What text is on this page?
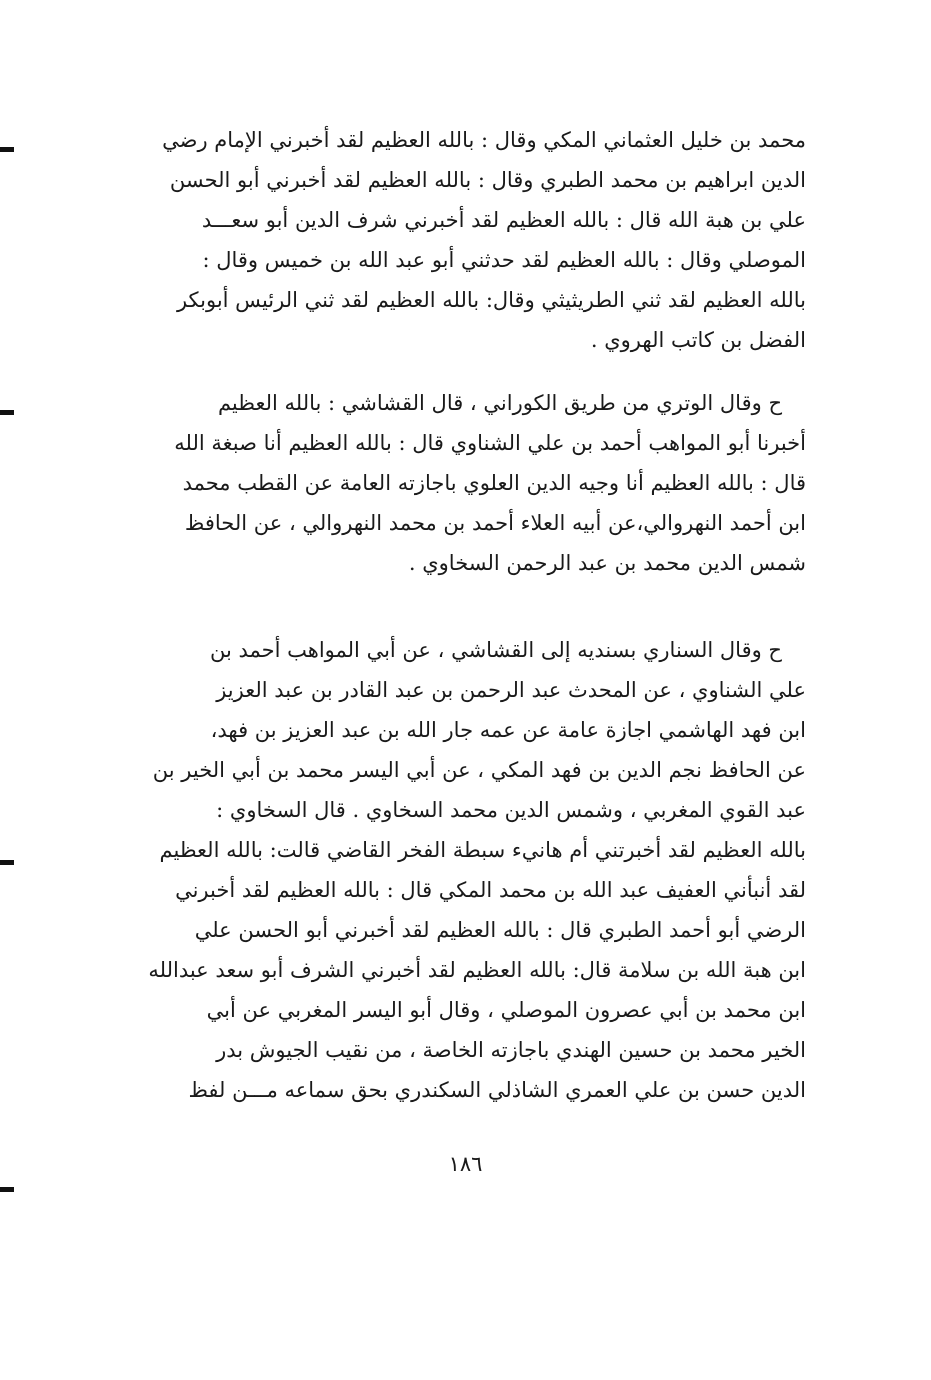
محمد بن خليل العثماني المكي وقال : بالله العظيم لقد أخبرني الإمام رضي
الدين ابراهيم بن محمد الطبري وقال : بالله العظيم لقد أخبرني أبو الحسن
علي بن هبة الله قال : بالله العظيم لقد أخبرني شرف الدين أبو سعـــد
الموصلي وقال : بالله العظيم لقد حدثني أبو عبد الله بن خميس وقال :
بالله العظيم لقد ثني الطريثيثي وقال: بالله العظيم لقد ثني الرئيس أبوبكر
الفضل بن كاتب الهروي .
ح وقال الوتري من طريق الكوراني ، قال القشاشي : بالله العظيم
أخبرنا أبو المواهب أحمد بن علي الشناوي قال : بالله العظيم أنا صبغة الله
قال : بالله العظيم أنا وجيه الدين العلوي باجازته العامة عن القطب محمد
ابن أحمد النهروالي،عن أبيه العلاء أحمد بن محمد النهروالي ، عن الحافظ
شمس الدين محمد بن عبد الرحمن السخاوي .
ح وقال السناري بسنديه إلى القشاشي ، عن أبي المواهب أحمد بن
علي الشناوي ، عن المحدث عبد الرحمن بن عبد القادر بن عبد العزيز
ابن فهد الهاشمي اجازة عامة عن عمه جار الله بن عبد العزيز بن فهد،
عن الحافظ نجم الدين بن فهد المكي ، عن أبي اليسر محمد بن أبي الخير بن
عبد القوي المغربي ، وشمس الدين محمد السخاوي . قال السخاوي :
بالله العظيم لقد أخبرتني أم هانيء سبطة الفخر القاضي قالت: بالله العظيم
لقد أنبأني العفيف عبد الله بن محمد المكي قال : بالله العظيم لقد أخبرني
الرضي أبو أحمد الطبري قال : بالله العظيم لقد أخبرني أبو الحسن علي
ابن هبة الله بن سلامة قال: بالله العظيم لقد أخبرني الشرف أبو سعد عبدالله
ابن محمد بن أبي عصرون الموصلي ، وقال أبو اليسر المغربي عن أبي
الخير محمد بن حسين الهندي باجازته الخاصة ، من نقيب الجيوش بدر
الدين حسن بن علي العمري الشاذلي السكندري بحق سماعه مـــن لفظ
١٨٦
